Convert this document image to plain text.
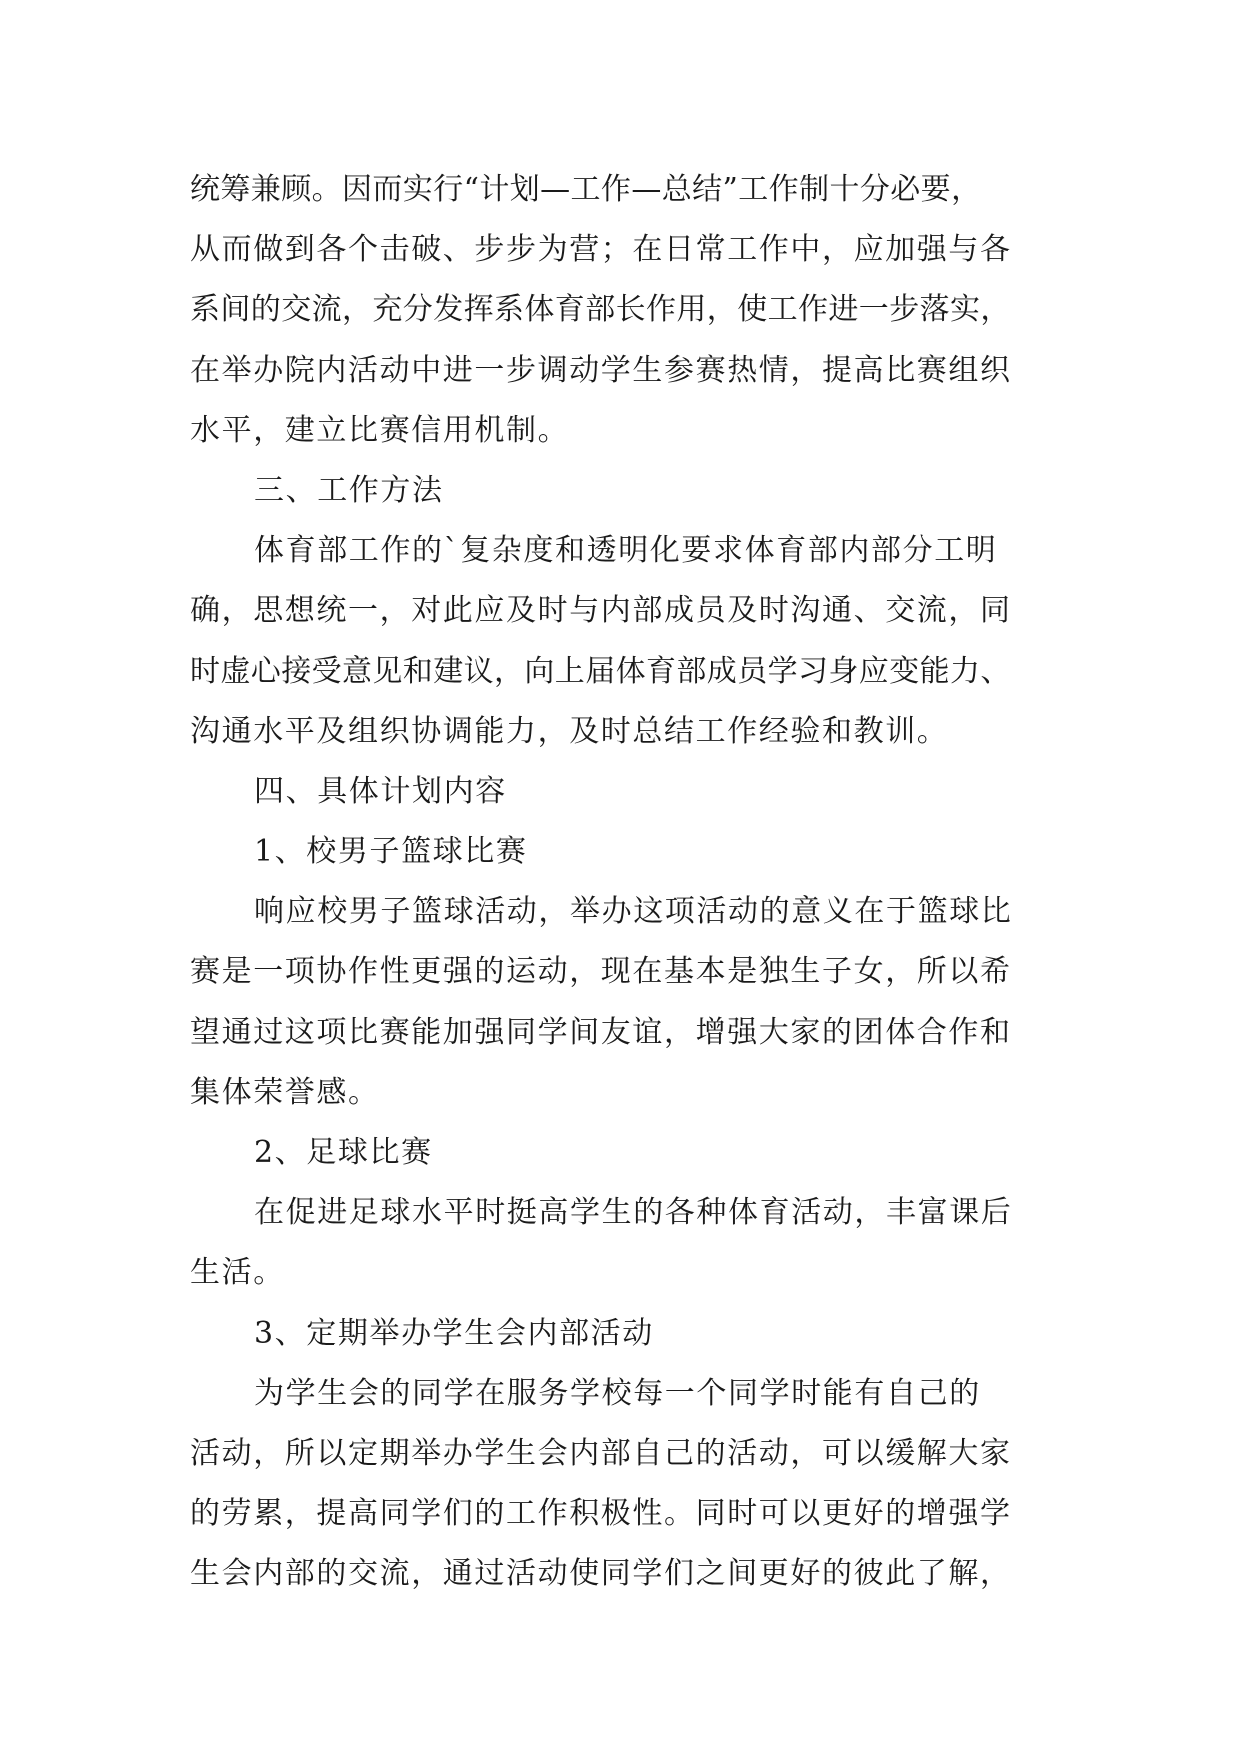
统筹兼顾。因而实行“计划—工作—总结”工作制十分必要，
从而做到各个击破、步步为营；在日常工作中，应加强与各
系间的交流，充分发挥系体育部长作用，使工作进一步落实，
在举办院内活动中进一步调动学生参赛热情，提高比赛组织
水平，建立比赛信用机制。
三、工作方法
体育部工作的`复杂度和透明化要求体育部内部分工明
确，思想统一，对此应及时与内部成员及时沟通、交流，同
时虚心接受意见和建议，向上届体育部成员学习身应变能力、
沟通水平及组织协调能力，及时总结工作经验和教训。
四、具体计划内容
1、校男子篮球比赛
响应校男子篮球活动，举办这项活动的意义在于篮球比
赛是一项协作性更强的运动，现在基本是独生子女，所以希
望通过这项比赛能加强同学间友谊，增强大家的团体合作和
集体荣誉感。
2、足球比赛
在促进足球水平时挺高学生的各种体育活动，丰富课后
生活。
3、定期举办学生会内部活动
为学生会的同学在服务学校每一个同学时能有自己的
活动，所以定期举办学生会内部自己的活动，可以缓解大家
的劳累，提高同学们的工作积极性。同时可以更好的增强学
生会内部的交流，通过活动使同学们之间更好的彼此了解，
